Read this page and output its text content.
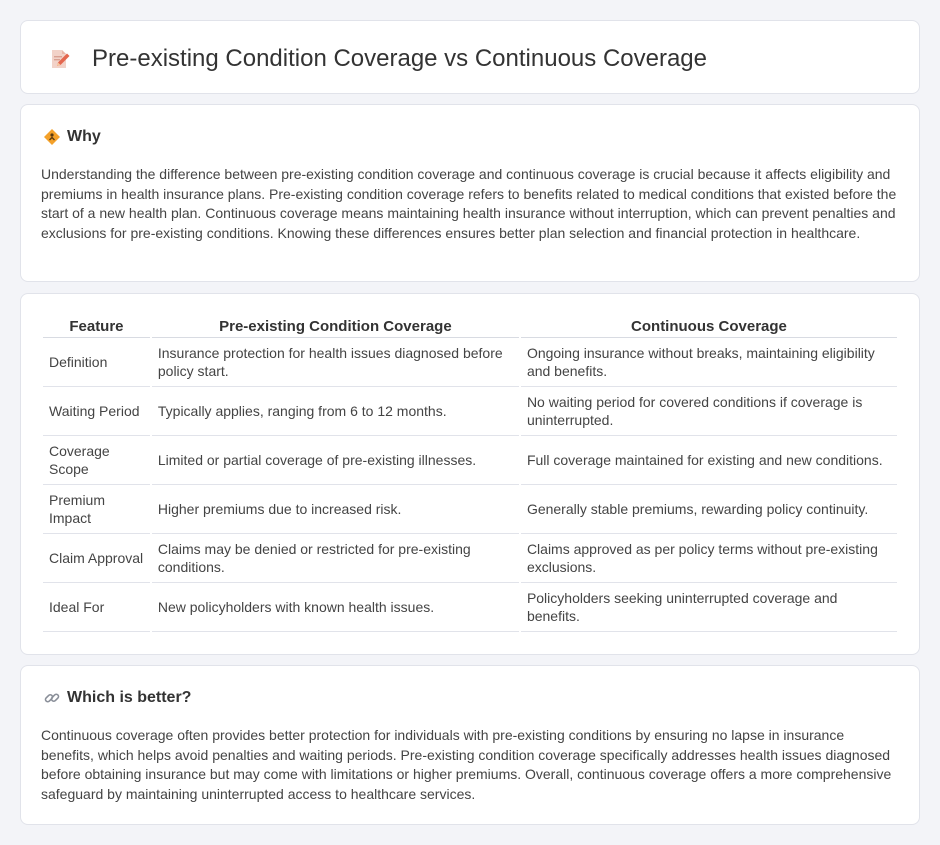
Pre-existing Condition Coverage vs Continuous Coverage
Why

Understanding the difference between pre-existing condition coverage and continuous coverage is crucial because it affects eligibility and premiums in health insurance plans. Pre-existing condition coverage refers to benefits related to medical conditions that existed before the start of a new health plan. Continuous coverage means maintaining health insurance without interruption, which can prevent penalties and exclusions for pre-existing conditions. Knowing these differences ensures better plan selection and financial protection in healthcare.

Feature	Pre-existing Condition Coverage	Continuous Coverage
Definition	Insurance protection for health issues diagnosed before policy start.	Ongoing insurance without breaks, maintaining eligibility and benefits.
Waiting Period	Typically applies, ranging from 6 to 12 months.	No waiting period for covered conditions if coverage is uninterrupted.
Coverage Scope	Limited or partial coverage of pre-existing illnesses.	Full coverage maintained for existing and new conditions.
Premium Impact	Higher premiums due to increased risk.	Generally stable premiums, rewarding policy continuity.
Claim Approval	Claims may be denied or restricted for pre-existing conditions.	Claims approved as per policy terms without pre-existing exclusions.
Ideal For	New policyholders with known health issues.	Policyholders seeking uninterrupted coverage and benefits.
Which is better?

Continuous coverage often provides better protection for individuals with pre-existing conditions by ensuring no lapse in insurance benefits, which helps avoid penalties and waiting periods. Pre-existing condition coverage specifically addresses health issues diagnosed before obtaining insurance but may come with limitations or higher premiums. Overall, continuous coverage offers a more comprehensive safeguard by maintaining uninterrupted access to healthcare services.
